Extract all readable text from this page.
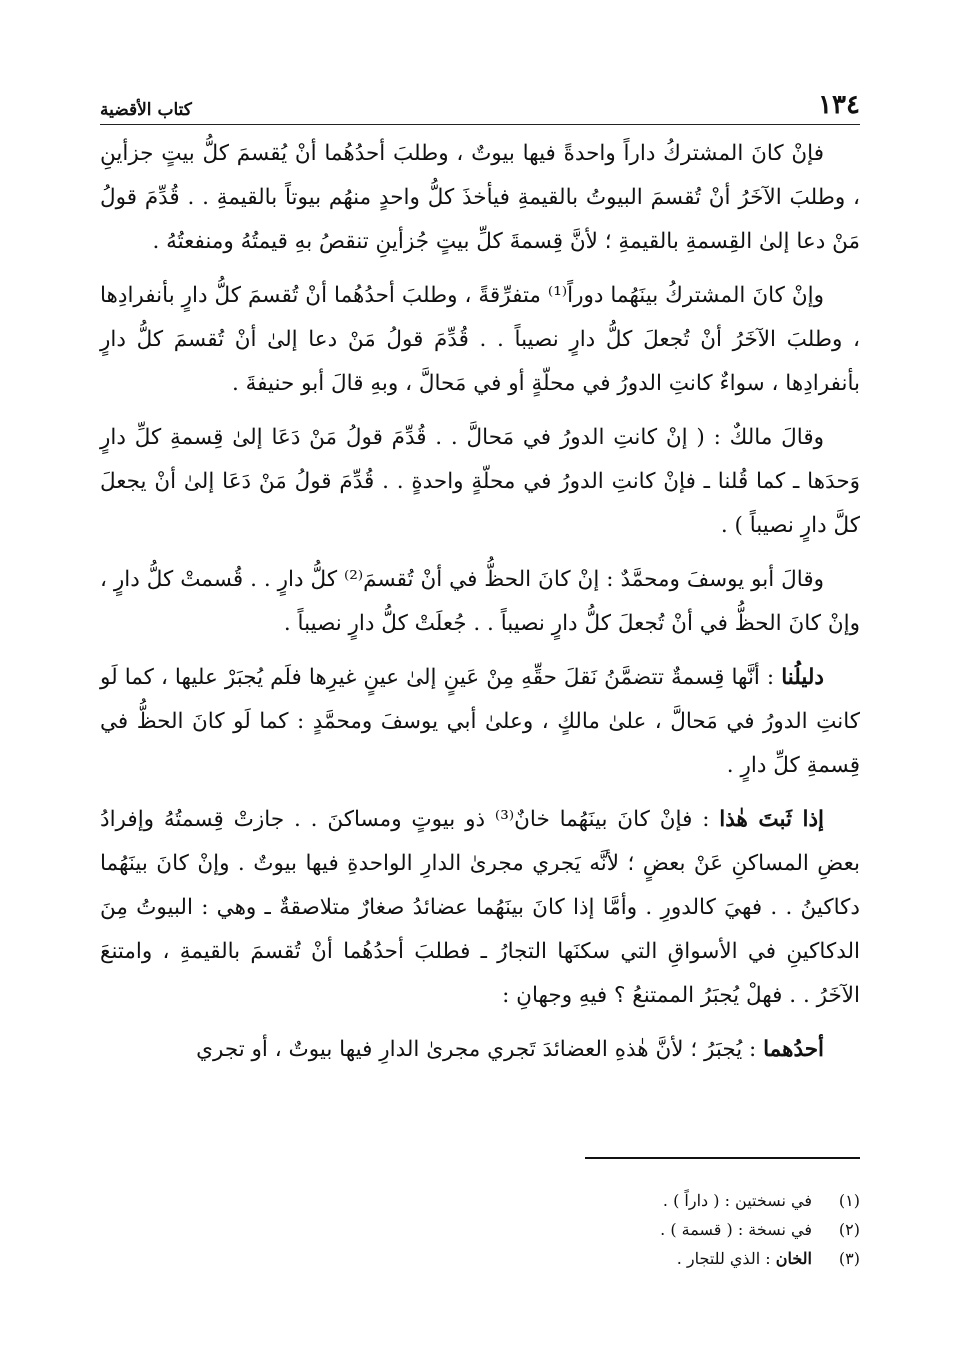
١٣٤
كتاب الأقضية

فإنْ كانَ المشتركُ داراً واحدةً فيها بيوتٌ ، وطلبَ أحدُهُما أنْ يُقسمَ كلُّ بيتٍ جزأينِ ، وطلبَ الآخَرُ أنْ تُقسمَ البيوتُ بالقيمةِ فيأخذَ كلُّ واحدٍ منهُم بيوتاً بالقيمةِ . . قُدِّمَ قولُ مَنْ دعا إلىٰ القِسمةِ بالقيمةِ ؛ لأنَّ قِسمةَ كلِّ بيتٍ جُزأينِ تنقصُ بهِ قيمتُهُ ومنفعتُهُ .

وإنْ كانَ المشتركُ بينَهُما دوراً⁽¹⁾ متفرِّقةً ، وطلبَ أحدُهُما أنْ تُقسمَ كلُّ دارٍ بأنفرادِها ، وطلبَ الآخَرُ أنْ تُجعلَ كلُّ دارٍ نصيباً . . قُدِّمَ قولُ مَنْ دعا إلىٰ أنْ تُقسمَ كلُّ دارٍ بأنفرادِها ، سواءٌ كانتِ الدورُ في محلّةٍ أو في مَحالَّ ، وبهِ قالَ أبو حنيفةَ .

وقالَ مالكٌ : ( إنْ كانتِ الدورُ في مَحالَّ . . قُدِّمَ قولُ مَنْ دَعَا إلىٰ قِسمةِ كلِّ دارٍ وَحدَها ـ كما قُلنا ـ فإنْ كانتِ الدورُ في محلّةٍ واحدةٍ . . قُدِّمَ قولُ مَنْ دَعَا إلىٰ أنْ يجعلَ كلَّ دارٍ نصيباً ) .

وقالَ أبو يوسفَ ومحمَّدٌ : إنْ كانَ الحظُّ في أنْ تُقسمَ⁽²⁾ كلُّ دارٍ . . قُسمتْ كلُّ دارٍ ، وإنْ كانَ الحظُّ في أنْ تُجعلَ كلُّ دارٍ نصيباً . . جُعلَتْ كلُّ دارٍ نصيباً .

دليلُنا : أنَّها قِسمةٌ تتضمَّنُ نَقلَ حقِّهِ مِنْ عَينٍ إلىٰ عينٍ غيرِها فلَم يُجبَرْ عليها ، كما لَو كانتِ الدورُ في مَحالَّ ، علىٰ مالكٍ ، وعلىٰ أبي يوسفَ ومحمَّدٍ : كما لَو كانَ الحظُّ في قِسمةِ كلِّ دارٍ .

إذا ثَبتَ هٰذا : فإنْ كانَ بينَهُما خانٌ⁽³⁾ ذو بيوتٍ ومساكنَ . . جازتْ قِسمتُهُ وإفرادُ بعضِ المساكنِ عَنْ بعضٍ ؛ لأنَّه يَجري مجرىٰ الدارِ الواحدةِ فيها بيوتٌ . وإنْ كانَ بينَهُما دكاكينُ . . فهيَ كالدورِ . وأمَّا إذا كانَ بينَهُما عضائدُ صغارٌ متلاصقةٌ ـ وهي : البيوتُ مِنَ الدكاكينِ في الأسواقِ التي سكنَها التجارُ ـ فطلبَ أحدُهُما أنْ تُقسمَ بالقيمةِ ، وامتنعَ الآخَرُ . . فهلْ يُجبَرُ الممتنعُ ؟ فيهِ وجهانِ :

أحدُهما : يُجبَرُ ؛ لأنَّ هٰذهِ العضائدَ تَجري مجرىٰ الدارِ فيها بيوتٌ ، أو تجري

(١)
في نسختين : ( داراً ) .
(٢)
في نسخة : ( قسمة ) .
(٣)
الخان : الذي للتجار .
